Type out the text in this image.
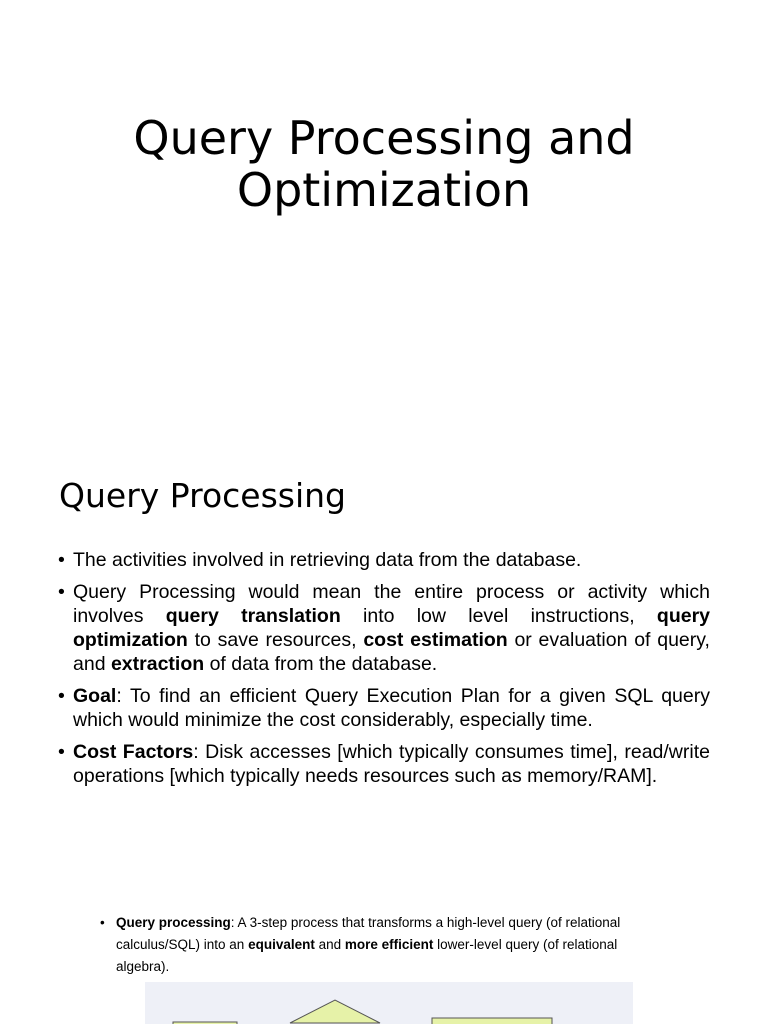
Query Processing and
Optimization
Query Processing
• The activities involved in retrieving data from the database.
• Query Processing would mean the entire process or activity which involves query translation into low level instructions, query optimization to save resources, cost estimation or evaluation of query, and extraction of data from the database.
• Goal: To find an efficient Query Execution Plan for a given SQL query which would minimize the cost considerably, especially time.
• Cost Factors: Disk accesses [which typically consumes time], read/write operations [which typically needs resources such as memory/RAM].
• Query processing: A 3-step process that transforms a high-level query (of relational calculus/SQL) into an equivalent and more efficient lower-level query (of relational algebra).
